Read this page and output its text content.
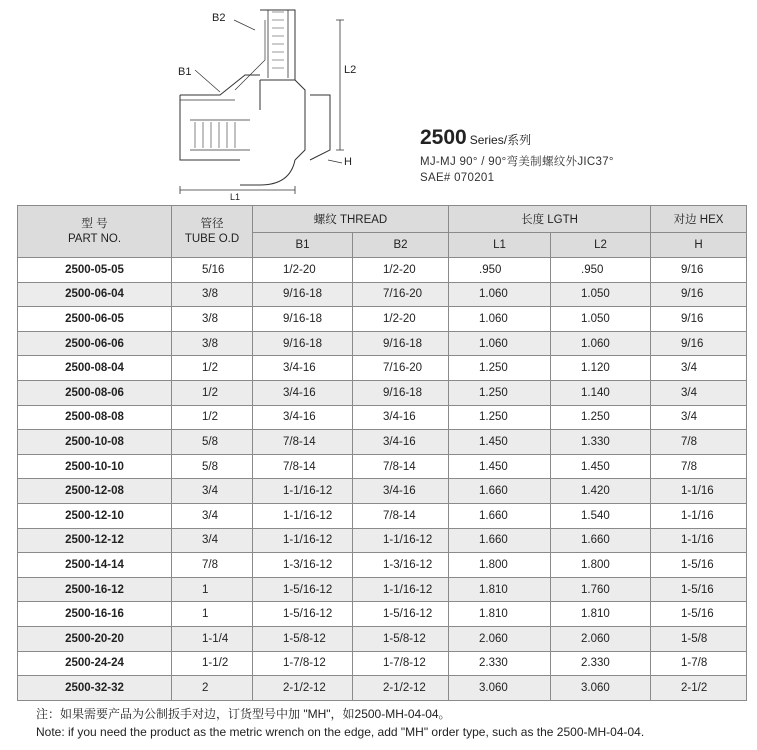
B2
B1	L2
H
L1
2500 Series/系列
MJ-MJ 90° / 90°弯美制螺纹外JIC37°
SAE# 070201
型 号
PART NO.	管径
TUBE O.D	螺纹 THREAD		长度 LGTH		对边 HEX
		B1	B2	L1	L2	H
2500-05-05	5/16	1/2-20	1/2-20	.950	.950	9/16
2500-06-04	3/8	9/16-18	7/16-20	1.060	1.050	9/16
2500-06-05	3/8	9/16-18	1/2-20	1.060	1.050	9/16
2500-06-06	3/8	9/16-18	9/16-18	1.060	1.060	9/16
2500-08-04	1/2	3/4-16	7/16-20	1.250	1.120	3/4
2500-08-06	1/2	3/4-16	9/16-18	1.250	1.140	3/4
2500-08-08	1/2	3/4-16	3/4-16	1.250	1.250	3/4
2500-10-08	5/8	7/8-14	3/4-16	1.450	1.330	7/8
2500-10-10	5/8	7/8-14	7/8-14	1.450	1.450	7/8
2500-12-08	3/4	1-1/16-12	3/4-16	1.660	1.420	1-1/16
2500-12-10	3/4	1-1/16-12	7/8-14	1.660	1.540	1-1/16
2500-12-12	3/4	1-1/16-12	1-1/16-12	1.660	1.660	1-1/16
2500-14-14	7/8	1-3/16-12	1-3/16-12	1.800	1.800	1-5/16
2500-16-12	1	1-5/16-12	1-1/16-12	1.810	1.760	1-5/16
2500-16-16	1	1-5/16-12	1-5/16-12	1.810	1.810	1-5/16
2500-20-20	1-1/4	1-5/8-12	1-5/8-12	2.060	2.060	1-5/8
2500-24-24	1-1/2	1-7/8-12	1-7/8-12	2.330	2.330	1-7/8
2500-32-32	2	2-1/2-12	2-1/2-12	3.060	3.060	2-1/2
注：如果需要产品为公制扳手对边，订货型号中加 "MH"，如2500-MH-04-04。
Note: if you need the product as the metric wrench on the edge, add "MH" order type, such as the 2500-MH-04-04.
